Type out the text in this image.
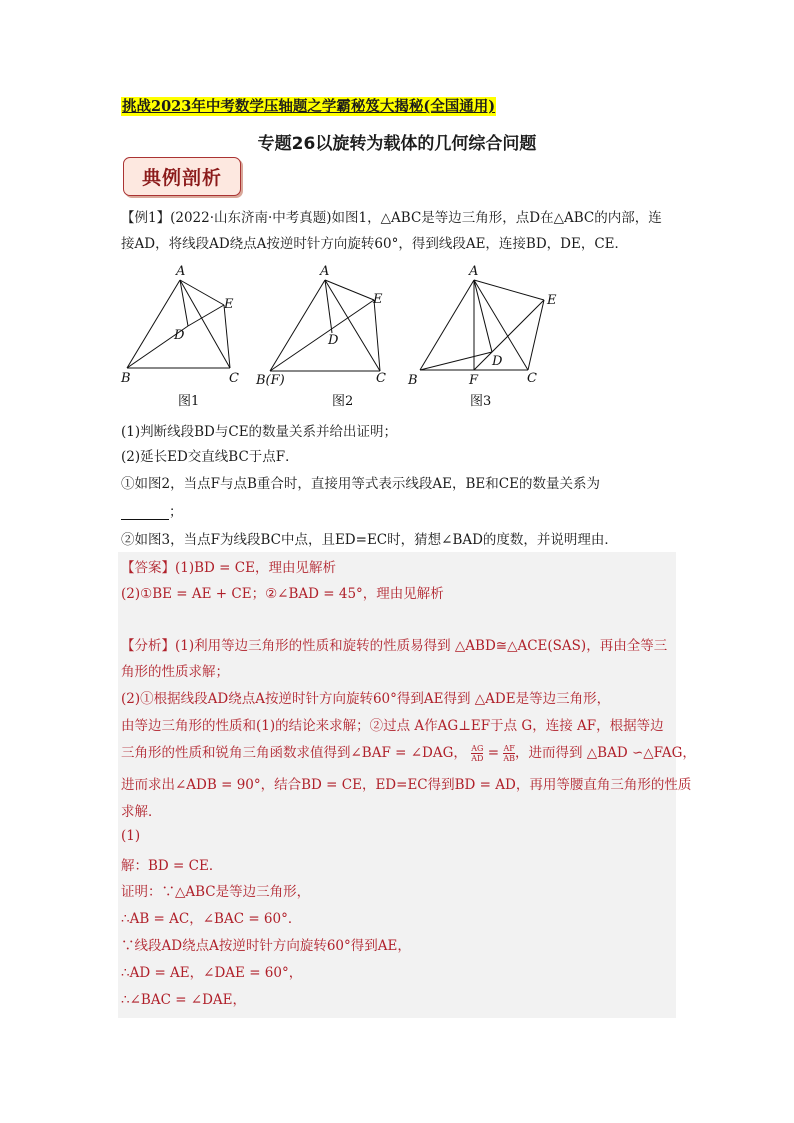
挑战2023年中考数学压轴题之学霸秘笈大揭秘(全国通用)
专题26以旋转为载体的几何综合问题
典例剖析
【例1】(2022·山东济南·中考真题)如图1，△ABC是等边三角形，点D在△ABC的内部，连
接AD，将线段AD绕点A按逆时针方向旋转60°，得到线段AE，连接BD，DE，CE．
A
E
D
B	C
图1
A
E
D
B(F)	C
图2
A
E
D
B	F	C
图3
(1)判断线段BD与CE的数量关系并给出证明；
(2)延长ED交直线BC于点F．
①如图2，当点F与点B重合时，直接用等式表示线段AE，BE和CE的数量关系为
；
②如图3，当点F为线段BC中点，且ED=EC时，猜想∠BAD的度数，并说明理由．
【答案】(1)BD = CE，理由见解析
(2)①BE = AE + CE；②∠BAD = 45°，理由见解析
【分析】(1)利用等边三角形的性质和旋转的性质易得到 △ABD≅△ACE(SAS)，再由全等三
角形的性质求解；
(2)①根据线段AD绕点A按逆时针方向旋转60°得到AE得到 △ADE是等边三角形，
由等边三角形的性质和(1)的结论来求解；②过点 A作AG⊥EF于点 G，连接 AF，根据等边
三角形的性质和锐角三角函数求值得到∠BAF = ∠DAG， $\frac{AG}{AD} = \frac{AF}{AB}$ ，进而得到 △BAD ∽△FAG，
进而求出∠ADB = 90°，结合BD = CE，ED=EC得到BD = AD，再用等腰直角三角形的性质
求解．
(1)
解：BD = CE．
证明：∵△ABC是等边三角形，
∴AB = AC，∠BAC = 60°．
∵线段AD绕点A按逆时针方向旋转60°得到AE，
∴AD = AE，∠DAE = 60°，
∴∠BAC = ∠DAE，
